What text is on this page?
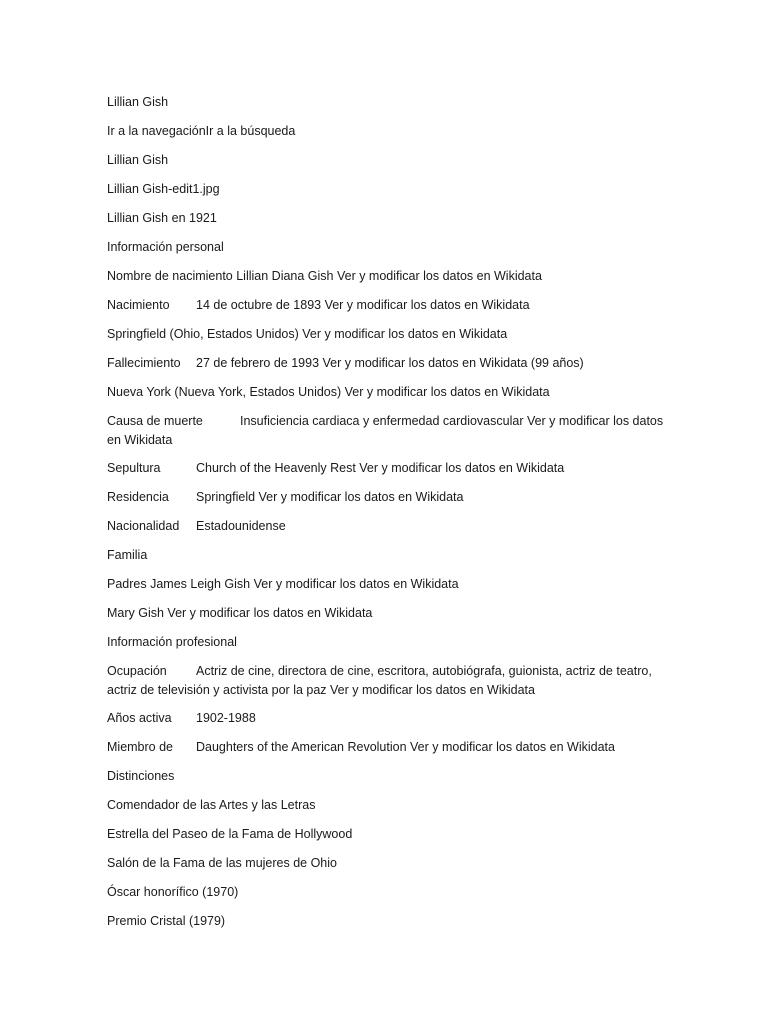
Lillian Gish
Ir a la navegaciónIr a la búsqueda
Lillian Gish
Lillian Gish-edit1.jpg
Lillian Gish en 1921
Información personal
Nombre de nacimiento Lillian Diana Gish Ver y modificar los datos en Wikidata
Nacimiento 14 de octubre de 1893 Ver y modificar los datos en Wikidata
Springfield (Ohio, Estados Unidos) Ver y modificar los datos en Wikidata
Fallecimiento 27 de febrero de 1993 Ver y modificar los datos en Wikidata (99 años)
Nueva York (Nueva York, Estados Unidos) Ver y modificar los datos en Wikidata
Causa de muerte	Insuficiencia cardiaca y enfermedad cardiovascular Ver y modificar los datos en Wikidata
Sepultura	Church of the Heavenly Rest Ver y modificar los datos en Wikidata
Residencia Springfield Ver y modificar los datos en Wikidata
Nacionalidad Estadounidense
Familia
Padres James Leigh Gish Ver y modificar los datos en Wikidata
Mary Gish Ver y modificar los datos en Wikidata
Información profesional
Ocupación Actriz de cine, directora de cine, escritora, autobiógrafa, guionista, actriz de teatro, actriz de televisión y activista por la paz Ver y modificar los datos en Wikidata
Años activa 1902-1988
Miembro de Daughters of the American Revolution Ver y modificar los datos en Wikidata
Distinciones
Comendador de las Artes y las Letras
Estrella del Paseo de la Fama de Hollywood
Salón de la Fama de las mujeres de Ohio
Óscar honorífico (1970)
Premio Cristal (1979)
